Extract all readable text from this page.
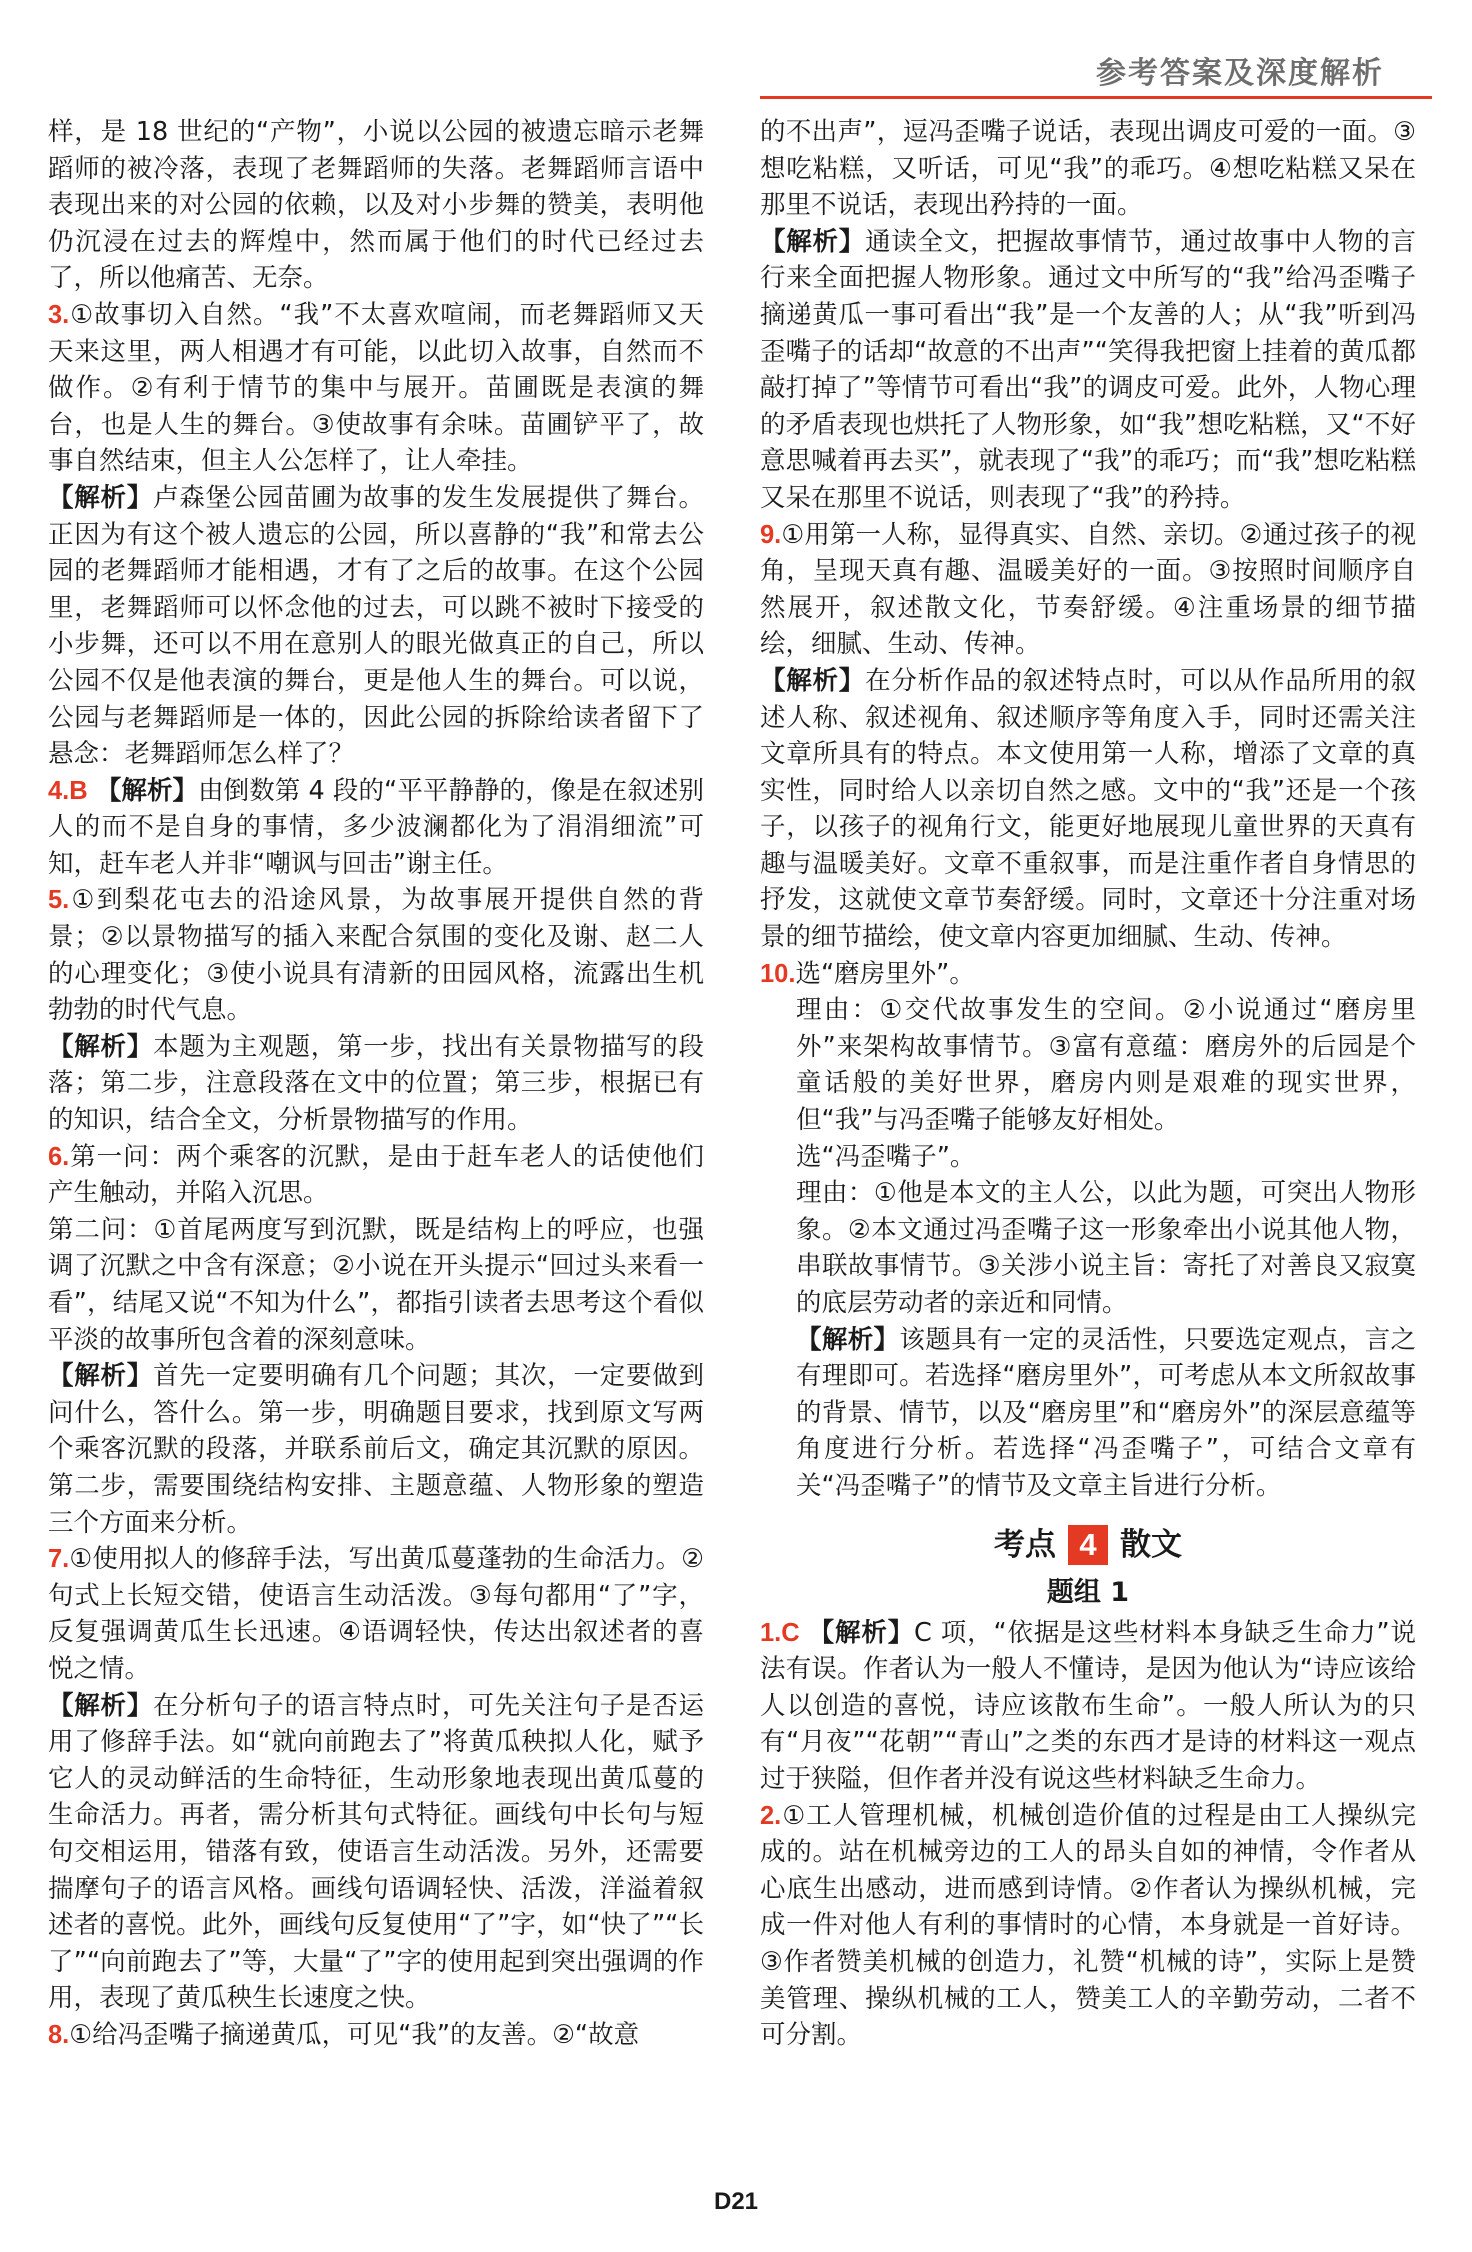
参考答案及深度解析

样，是 18 世纪的“产物”，小说以公园的被遗忘暗示老舞蹈师的被冷落，表现了老舞蹈师的失落。老舞蹈师言语中表现出来的对公园的依赖，以及对小步舞的赞美，表明他仍沉浸在过去的辉煌中，然而属于他们的时代已经过去了，所以他痛苦、无奈。

3.①故事切入自然。“我”不太喜欢喧闹，而老舞蹈师又天天来这里，两人相遇才有可能，以此切入故事，自然而不做作。②有利于情节的集中与展开。苗圃既是表演的舞台，也是人生的舞台。③使故事有余味。苗圃铲平了，故事自然结束，但主人公怎样了，让人牵挂。

【解析】卢森堡公园苗圃为故事的发生发展提供了舞台。正因为有这个被人遗忘的公园，所以喜静的“我”和常去公园的老舞蹈师才能相遇，才有了之后的故事。在这个公园里，老舞蹈师可以怀念他的过去，可以跳不被时下接受的小步舞，还可以不用在意别人的眼光做真正的自己，所以公园不仅是他表演的舞台，更是他人生的舞台。可以说，公园与老舞蹈师是一体的，因此公园的拆除给读者留下了悬念：老舞蹈师怎么样了？

4.B 【解析】由倒数第 4 段的“平平静静的，像是在叙述别人的而不是自身的事情，多少波澜都化为了涓涓细流”可知，赶车老人并非“嘲讽与回击”谢主任。

5.①到梨花屯去的沿途风景，为故事展开提供自然的背景；②以景物描写的插入来配合氛围的变化及谢、赵二人的心理变化；③使小说具有清新的田园风格，流露出生机勃勃的时代气息。

【解析】本题为主观题，第一步，找出有关景物描写的段落；第二步，注意段落在文中的位置；第三步，根据已有的知识，结合全文，分析景物描写的作用。

6.第一问：两个乘客的沉默，是由于赶车老人的话使他们产生触动，并陷入沉思。

第二问：①首尾两度写到沉默，既是结构上的呼应，也强调了沉默之中含有深意；②小说在开头提示“回过头来看一看”，结尾又说“不知为什么”，都指引读者去思考这个看似平淡的故事所包含着的深刻意味。

【解析】首先一定要明确有几个问题；其次，一定要做到问什么，答什么。第一步，明确题目要求，找到原文写两个乘客沉默的段落，并联系前后文，确定其沉默的原因。第二步，需要围绕结构安排、主题意蕴、人物形象的塑造三个方面来分析。

7.①使用拟人的修辞手法，写出黄瓜蔓蓬勃的生命活力。②句式上长短交错，使语言生动活泼。③每句都用“了”字，反复强调黄瓜生长迅速。④语调轻快，传达出叙述者的喜悦之情。

【解析】在分析句子的语言特点时，可先关注句子是否运用了修辞手法。如“就向前跑去了”将黄瓜秧拟人化，赋予它人的灵动鲜活的生命特征，生动形象地表现出黄瓜蔓的生命活力。再者，需分析其句式特征。画线句中长句与短句交相运用，错落有致，使语言生动活泼。另外，还需要揣摩句子的语言风格。画线句语调轻快、活泼，洋溢着叙述者的喜悦。此外，画线句反复使用“了”字，如“快了”“长了”“向前跑去了”等，大量“了”字的使用起到突出强调的作用，表现了黄瓜秧生长速度之快。

8.①给冯歪嘴子摘递黄瓜，可见“我”的友善。②“故意

的不出声”，逗冯歪嘴子说话，表现出调皮可爱的一面。③想吃粘糕，又听话，可见“我”的乖巧。④想吃粘糕又呆在那里不说话，表现出矜持的一面。

【解析】通读全文，把握故事情节，通过故事中人物的言行来全面把握人物形象。通过文中所写的“我”给冯歪嘴子摘递黄瓜一事可看出“我”是一个友善的人；从“我”听到冯歪嘴子的话却“故意的不出声”“笑得我把窗上挂着的黄瓜都敲打掉了”等情节可看出“我”的调皮可爱。此外，人物心理的矛盾表现也烘托了人物形象，如“我”想吃粘糕，又“不好意思喊着再去买”，就表现了“我”的乖巧；而“我”想吃粘糕又呆在那里不说话，则表现了“我”的矜持。

9.①用第一人称，显得真实、自然、亲切。②通过孩子的视角，呈现天真有趣、温暖美好的一面。③按照时间顺序自然展开，叙述散文化，节奏舒缓。④注重场景的细节描绘，细腻、生动、传神。

【解析】在分析作品的叙述特点时，可以从作品所用的叙述人称、叙述视角、叙述顺序等角度入手，同时还需关注文章所具有的特点。本文使用第一人称，增添了文章的真实性，同时给人以亲切自然之感。文中的“我”还是一个孩子，以孩子的视角行文，能更好地展现儿童世界的天真有趣与温暖美好。文章不重叙事，而是注重作者自身情思的抒发，这就使文章节奏舒缓。同时，文章还十分注重对场景的细节描绘，使文章内容更加细腻、生动、传神。

10.选“磨房里外”。

理由：①交代故事发生的空间。②小说通过“磨房里外”来架构故事情节。③富有意蕴：磨房外的后园是个童话般的美好世界，磨房内则是艰难的现实世界，但“我”与冯歪嘴子能够友好相处。

选“冯歪嘴子”。

理由：①他是本文的主人公，以此为题，可突出人物形象。②本文通过冯歪嘴子这一形象牵出小说其他人物，串联故事情节。③关涉小说主旨：寄托了对善良又寂寞的底层劳动者的亲近和同情。

【解析】该题具有一定的灵活性，只要选定观点，言之有理即可。若选择“磨房里外”，可考虑从本文所叙故事的背景、情节，以及“磨房里”和“磨房外”的深层意蕴等角度进行分析。若选择“冯歪嘴子”，可结合文章有关“冯歪嘴子”的情节及文章主旨进行分析。

考点 4 散文
题组 1

1.C 【解析】C 项，“依据是这些材料本身缺乏生命力”说法有误。作者认为一般人不懂诗，是因为他认为“诗应该给人以创造的喜悦，诗应该散布生命”。一般人所认为的只有“月夜”“花朝”“青山”之类的东西才是诗的材料这一观点过于狭隘，但作者并没有说这些材料缺乏生命力。

2.①工人管理机械，机械创造价值的过程是由工人操纵完成的。站在机械旁边的工人的昂头自如的神情，令作者从心底生出感动，进而感到诗情。②作者认为操纵机械，完成一件对他人有利的事情时的心情，本身就是一首好诗。③作者赞美机械的创造力，礼赞“机械的诗”，实际上是赞美管理、操纵机械的工人，赞美工人的辛勤劳动，二者不可分割。

D21
